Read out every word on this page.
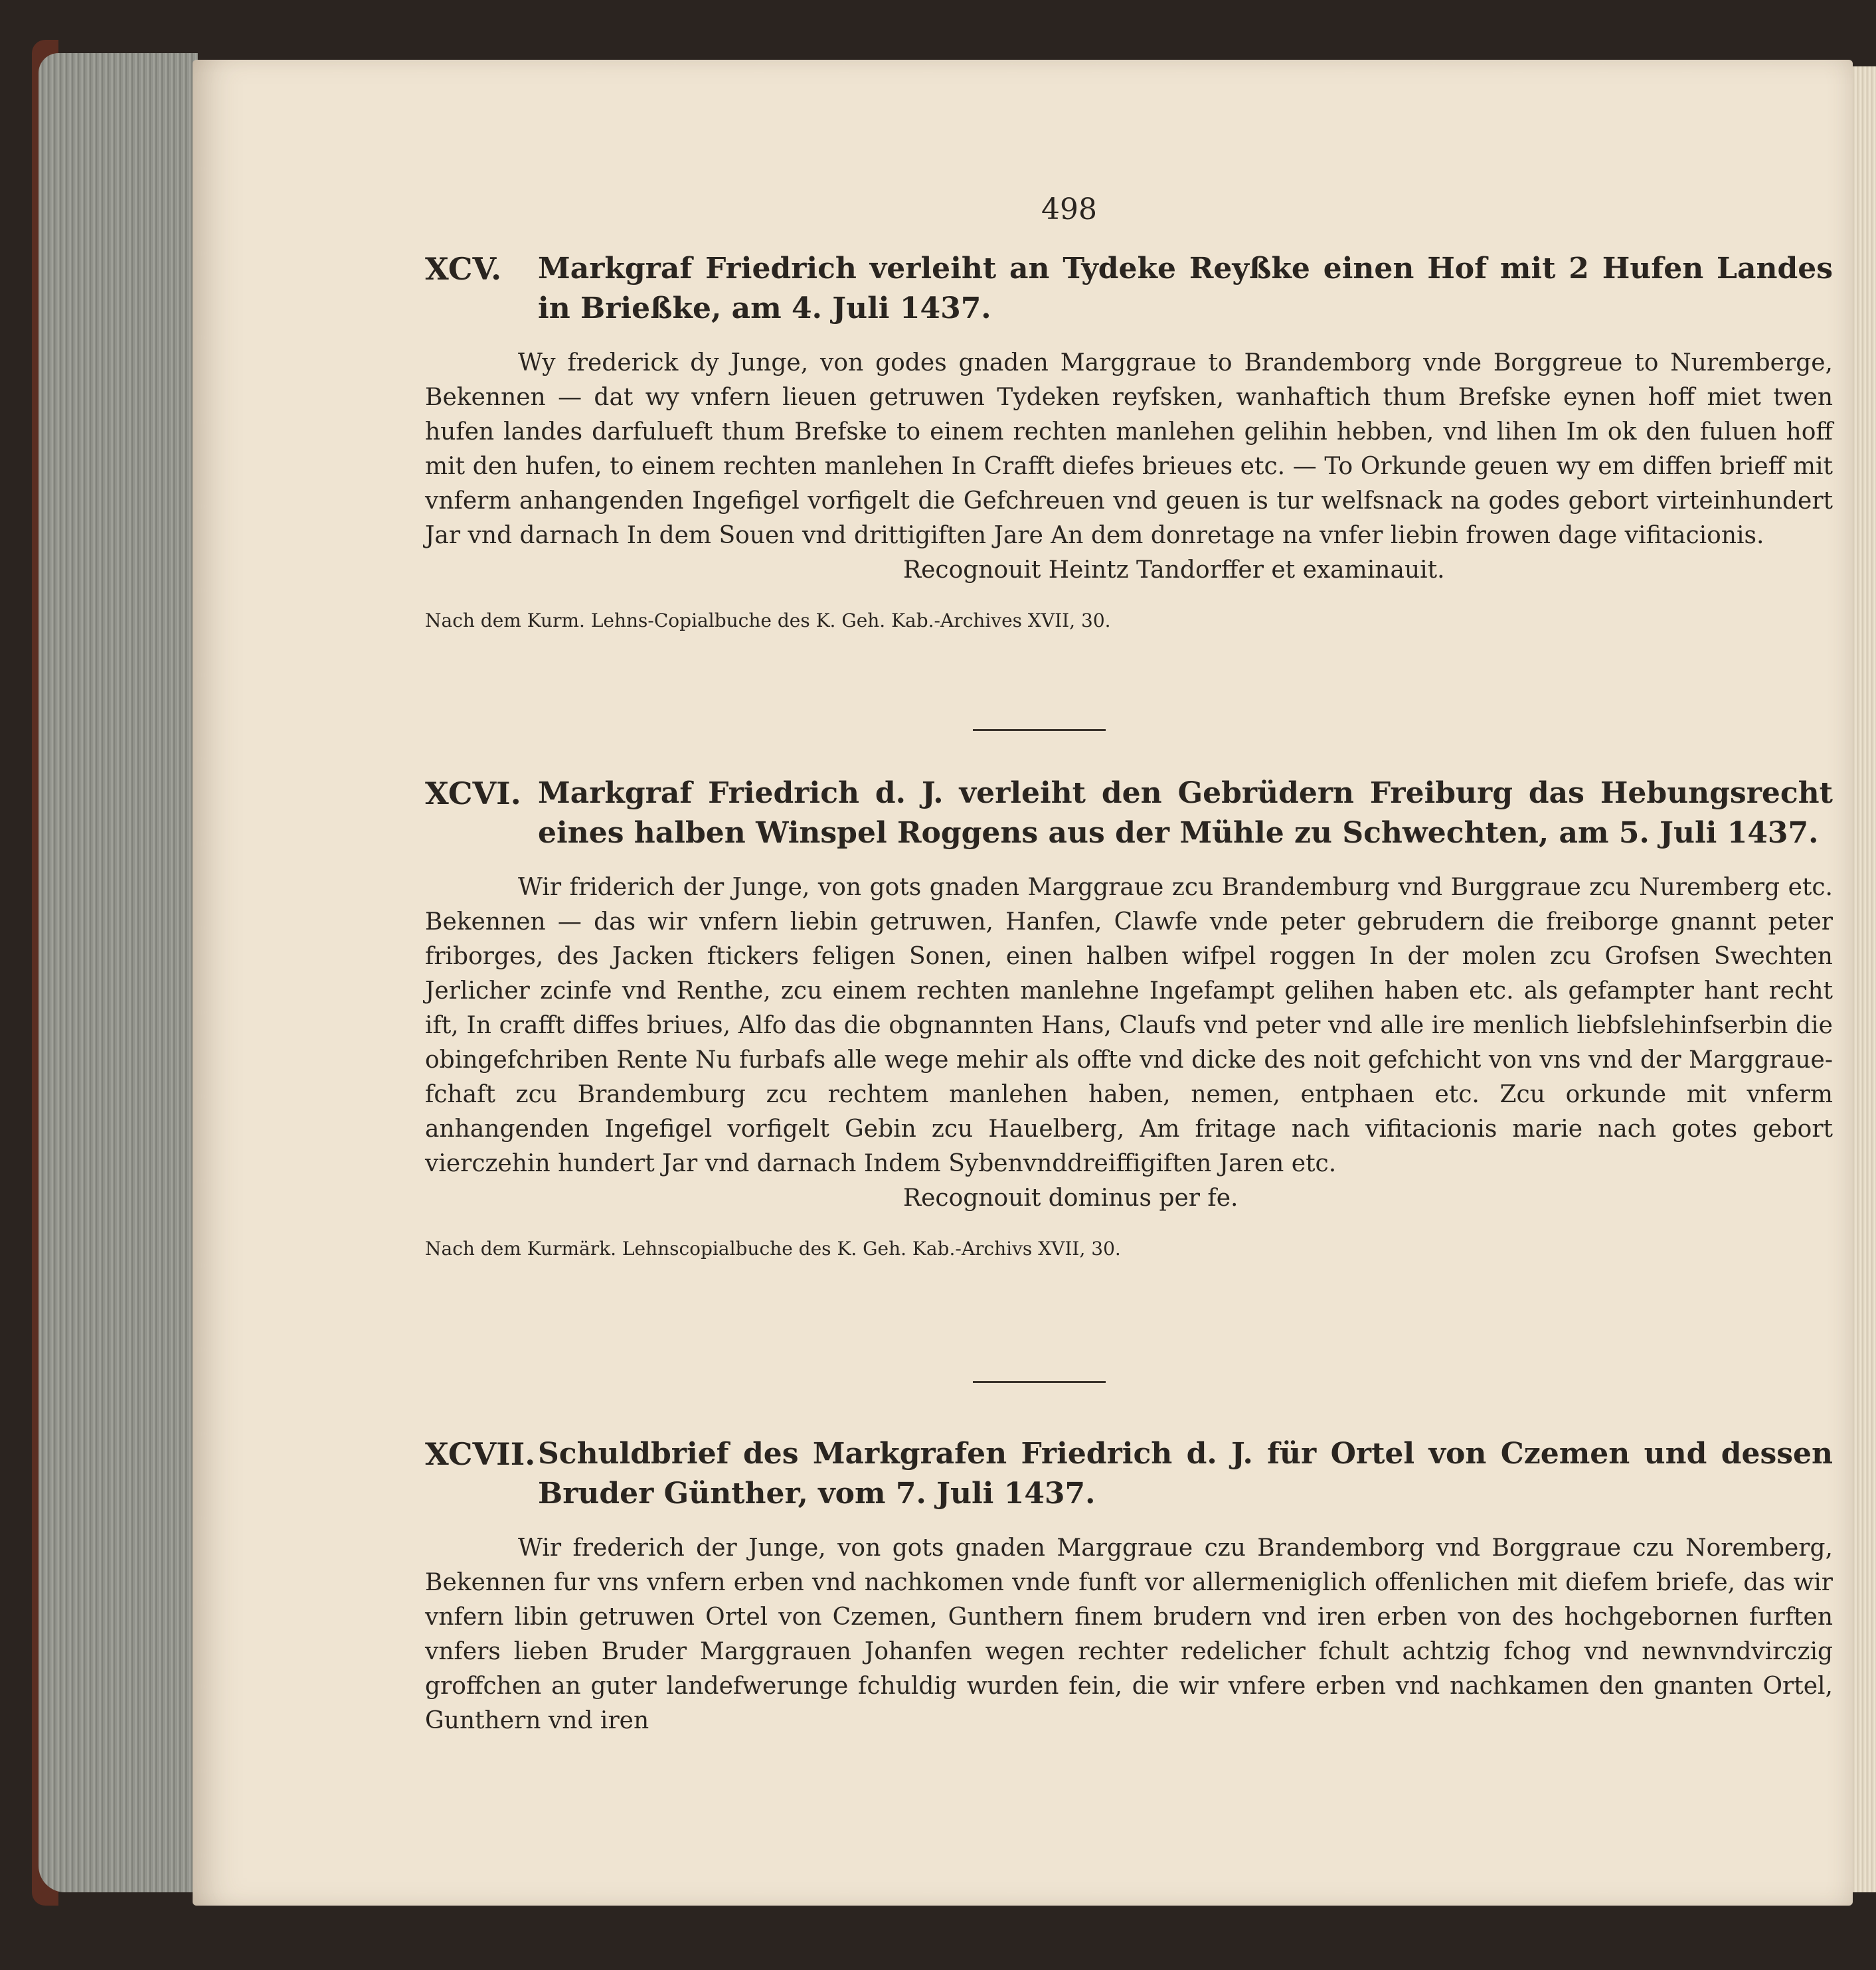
498
XCV.	Markgraf Friedrich verleiht an Tydeke Reyßke einen Hof mit 2 Hufen Landes in Brießke, am 4. Juli 1437.

Wy frederick dy Junge, von godes gnaden Marggraue to Brandemborg vnde Borggreue to Nuremberge, Bekennen — dat wy vnfern lieuen getruwen Tydeken reyfsken, wanhaftich thum Brefske eynen hoff miet twen hufen landes darfulueft thum Brefske to einem rechten manlehen gelihin hebben, vnd lihen Im ok den fuluen hoff mit den hufen, to einem rechten manlehen In Crafft diefes brieues etc. — To Orkunde geuen wy em diffen brieff mit vnferm anhangenden Ingefigel vorfigelt die Gefchreuen vnd geuen is tur welfsnack na godes gebort virteinhundert Jar vnd darnach In dem Souen vnd drittigiften Jare An dem donretage na vnfer liebin frowen dage vifitacionis.

Recognouit Heintz Tandorffer et examinauit.

Nach dem Kurm. Lehns-Copialbuche des K. Geh. Kab.-Archives XVII, 30.

XCVI. Markgraf Friedrich d. J. verleiht den Gebrüdern Freiburg das Hebungsrecht eines halben Winspel Roggens aus der Mühle zu Schwechten, am 5. Juli 1437.

Wir friderich der Junge, von gots gnaden Marggraue zcu Brandemburg vnd Burggraue zcu Nuremberg etc. Bekennen — das wir vnfern liebin getruwen, Hanfen, Clawfe vnde peter gebrudern die freiborge gnannt peter friborges, des Jacken ftickers feligen Sonen, einen halben wifpel roggen In der molen zcu Grofsen Swechten Jerlicher zcinfe vnd Renthe, zcu einem rechten manlehne Ingefampt gelihen haben etc. als gefampter hant recht ift, In crafft diffes briues, Alfo das die obgnannten Hans, Claufs vnd peter vnd alle ire menlich liebfslehinfserbin die obingefchriben Rente Nu furbafs alle wege mehir als offte vnd dicke des noit gefchicht von vns vnd der Marggraue-fchaft zcu Brandemburg zcu rechtem manlehen haben, nemen, entphaen etc. Zcu orkunde mit vnferm anhangenden Ingefigel vorfigelt Gebin zcu Hauelberg, Am fritage nach vifitacionis marie nach gotes gebort vierczehin hundert Jar vnd darnach Indem Sybenvnddreiffigiften Jaren etc.

Recognouit dominus per fe.

Nach dem Kurmärk. Lehnscopialbuche des K. Geh. Kab.-Archivs XVII, 30.

XCVII. Schuldbrief des Markgrafen Friedrich d. J. für Ortel von Czemen und dessen Bruder Günther, vom 7. Juli 1437.

Wir frederich der Junge, von gots gnaden Marggraue czu Brandemborg vnd Borggraue czu Noremberg, Bekennen fur vns vnfern erben vnd nachkomen vnde funft vor allermeniglich offenlichen mit diefem briefe, das wir vnfern libin getruwen Ortel von Czemen, Gunthern finem brudern vnd iren erben von des hochgebornen furften vnfers lieben Bruder Marggrauen Johanfen wegen rechter redelicher fchult achtzig fchog vnd newnvndvirczig groffchen an guter landefwerunge fchuldig wurden fein, die wir vnfere erben vnd nachkamen den gnanten Ortel, Gunthern vnd iren
